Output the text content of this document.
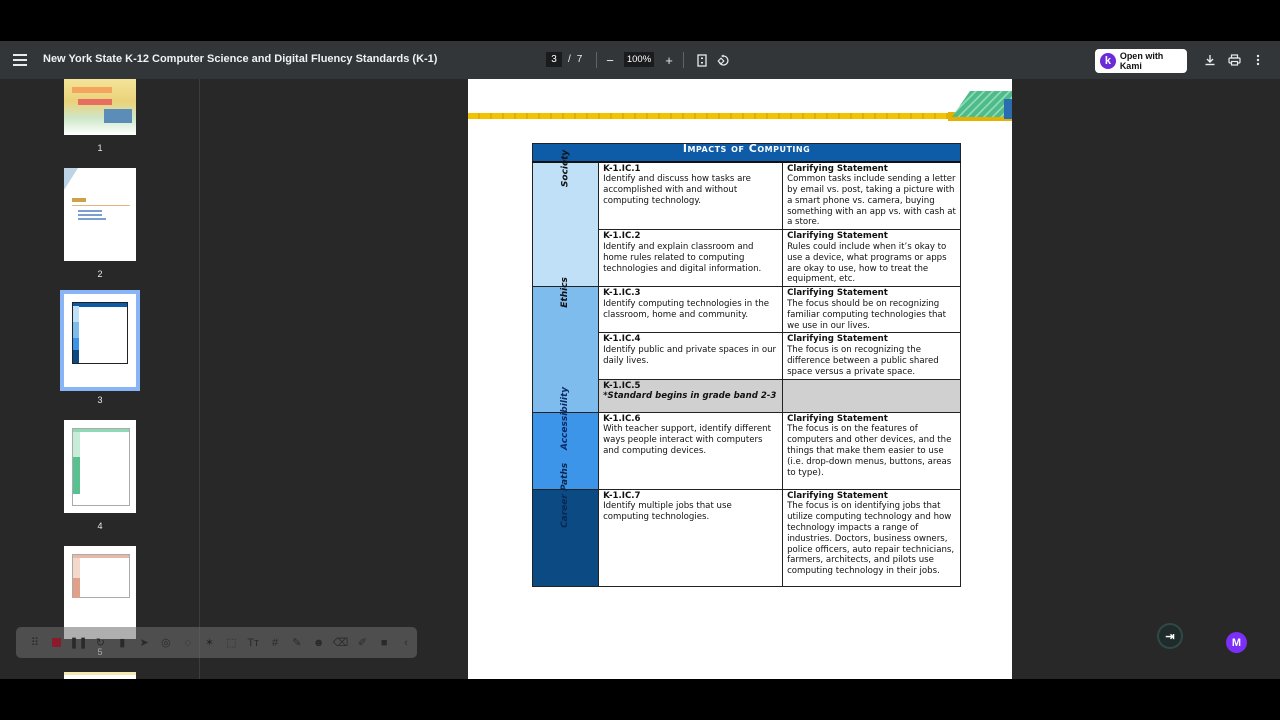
New York State K-12 Computer Science and Digital Fluency Standards (K-1)
3	/ 7	−
100%	+	k Open with Kami
1
2
3
4
Impacts of Computing		
Society	K-1.IC.1
Identify and discuss how tasks are accomplished with and without computing technology.	Clarifying Statement
Common tasks include sending a letter by email vs. post, taking a picture with a smart phone vs. camera, buying something with an app vs. with cash at a store.

	K-1.IC.2
Identify and explain classroom and home rules related to computing technologies and digital information.	Clarifying Statement
Rules could include when it’s okay to use a device, what programs or apps are okay to use, how to treat the equipment, etc.
Ethics	K-1.IC.3
Identify computing technologies in the classroom, home and community.	Clarifying Statement
The focus should be on recognizing familiar computing technologies that we use in our lives.

	K-1.IC.4
Identify public and private spaces in our daily lives.	Clarifying Statement
The focus is on recognizing the difference between a public shared space versus a private space.

	K-1.IC.5
*Standard begins in grade band 2-3	
Accessibility	K-1.IC.6
With teacher support, identify different ways people interact with computers and computing devices.	Clarifying Statement
The focus is on the features of computers and other devices, and the things that make them easier to use (i.e. drop-down menus, buttons, areas to type).
Career Paths	K-1.IC.7
Identify multiple jobs that use computing technologies.	Clarifying Statement
The focus is on identifying jobs that utilize computing technology and how technology impacts a range of industries. Doctors, business owners, police officers, auto repair technicians, farmers, architects, and pilots use computing technology in their jobs.
⠿	❚❚ ↻	▮	➤	◎	◌	✶	⬚ Tт	#	✎	☻ ⌫ ✐	■	‹	⇥	M
